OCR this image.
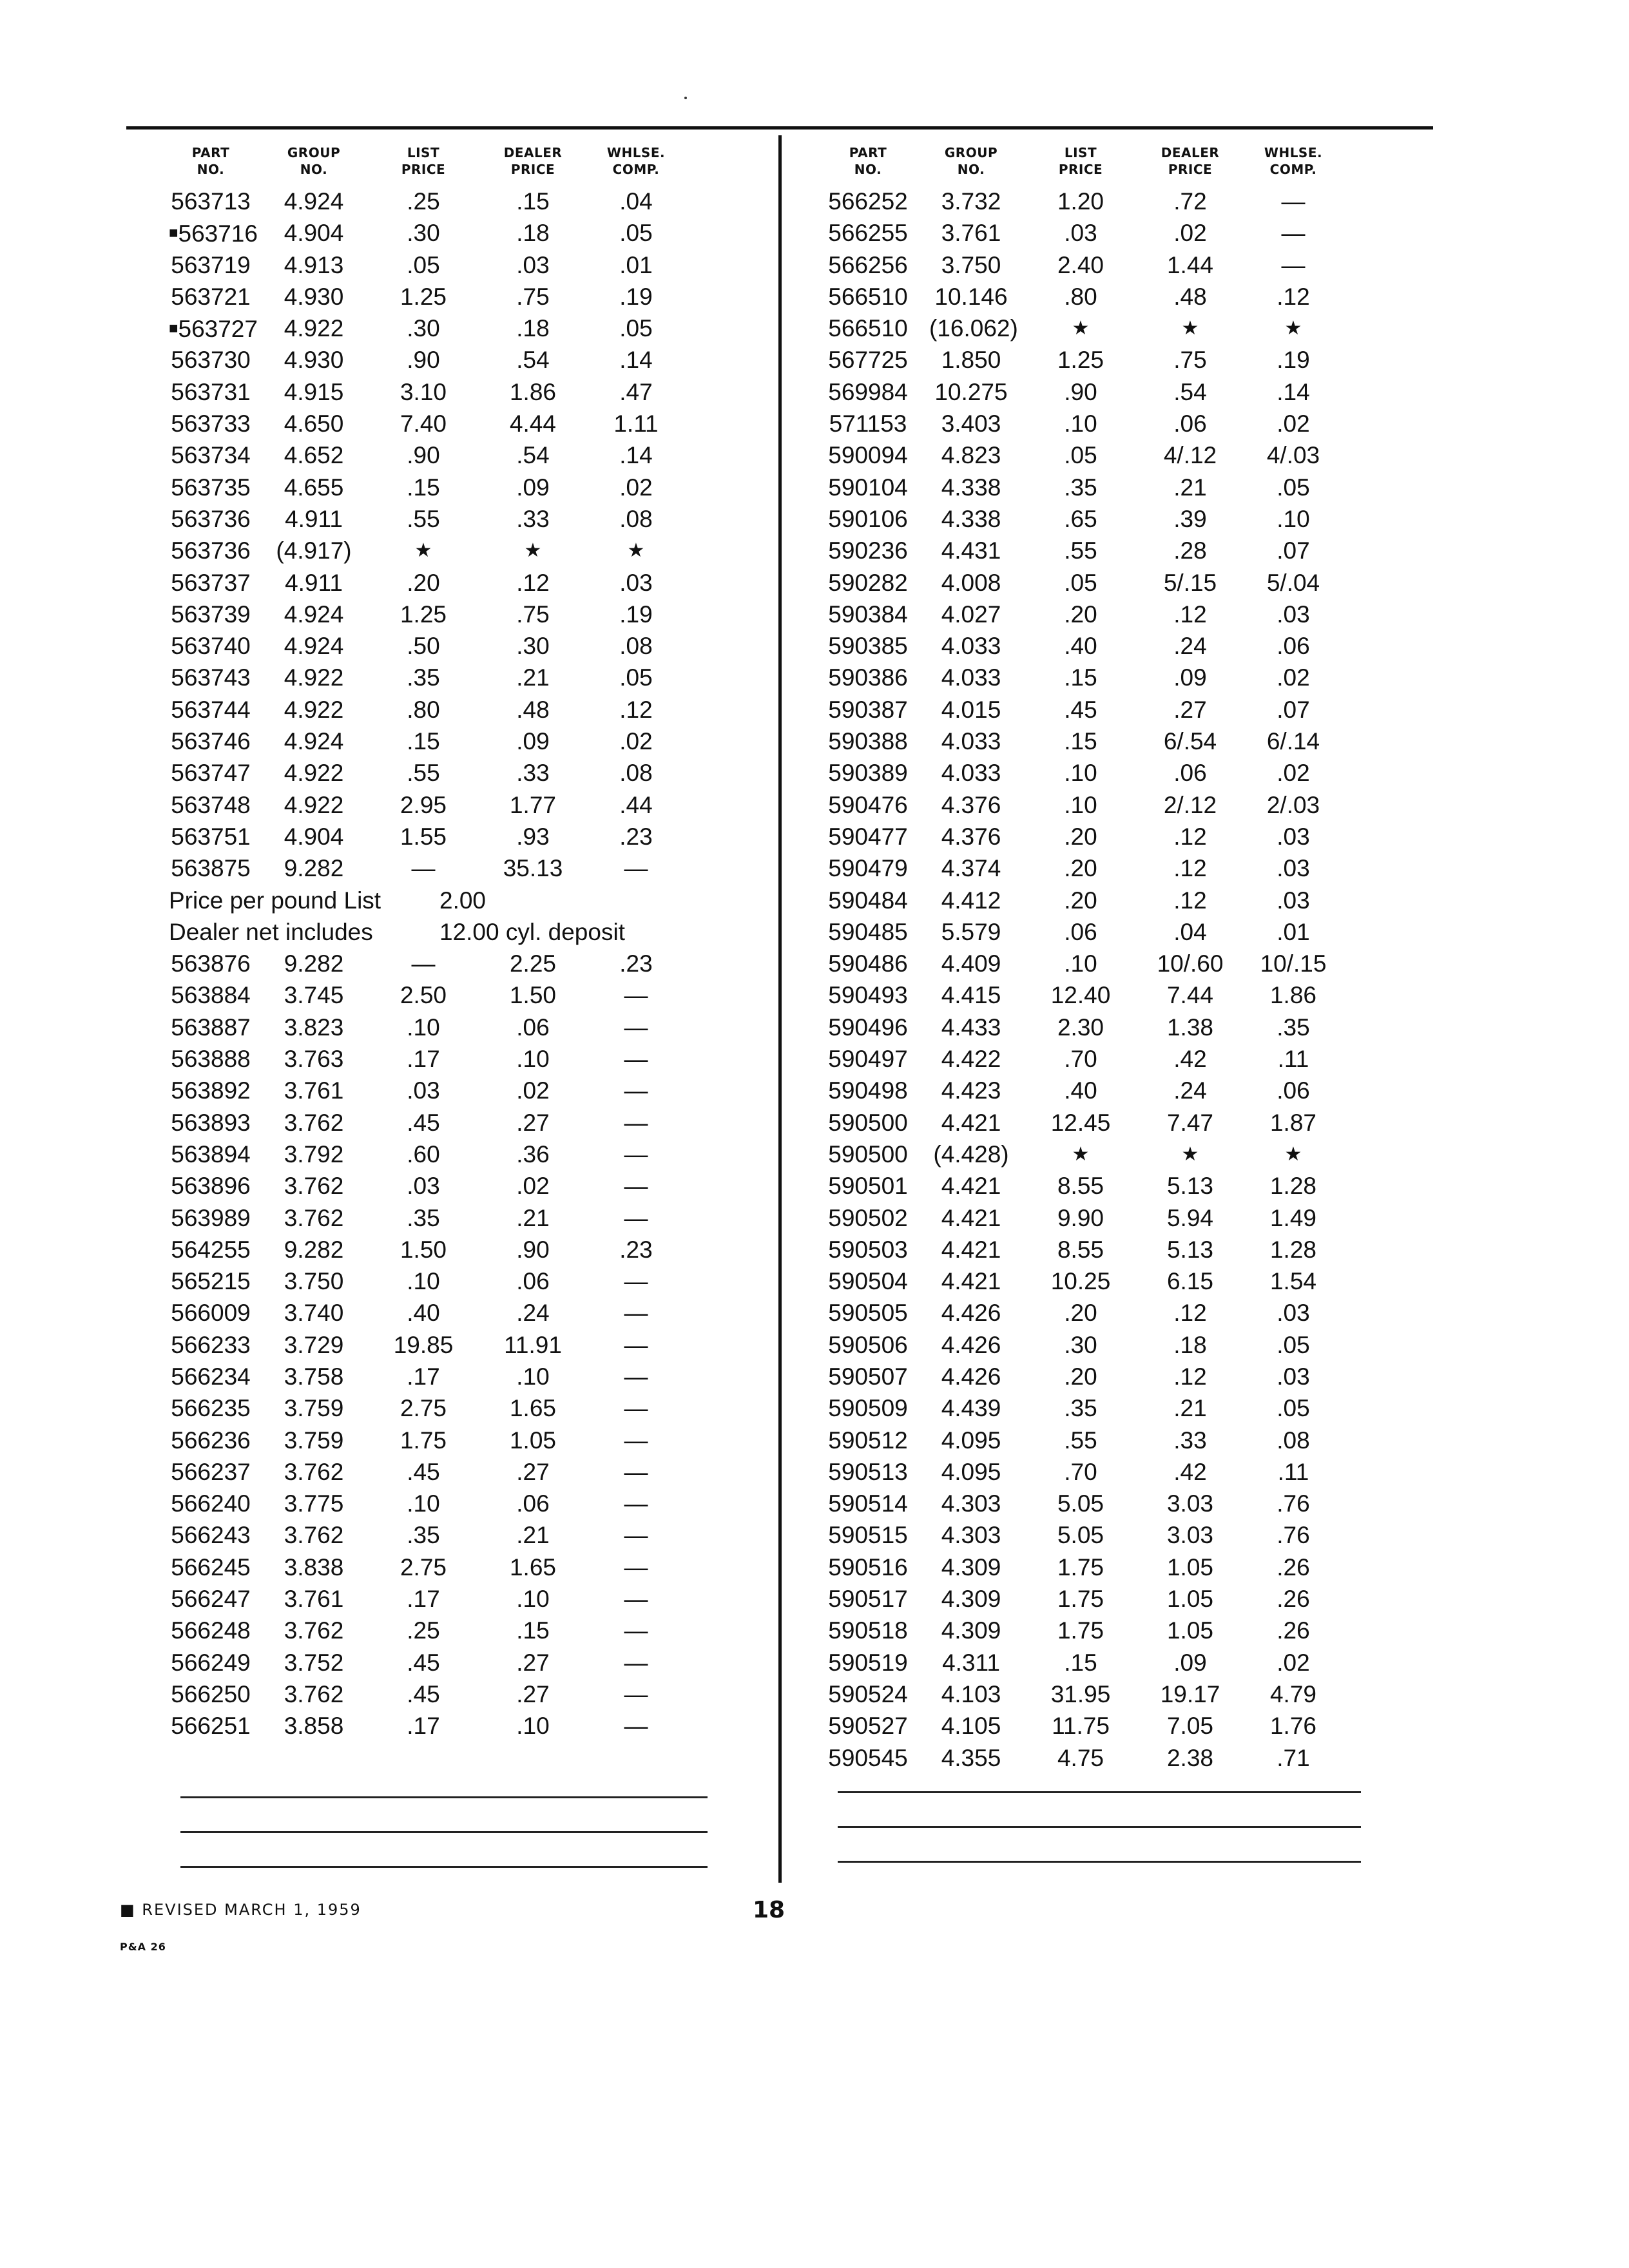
PART
NO.
GROUP
NO.
LIST
PRICE
DEALER
PRICE
WHLSE.
COMP.
563713	4.924	.25	.15	.04
■563716	4.904	.30	.18	.05
563719	4.913	.05	.03	.01
563721	4.930	1.25	.75	.19
■563727	4.922	.30	.18	.05
563730	4.930	.90	.54	.14
563731	4.915	3.10	1.86	.47
563733	4.650	7.40	4.44	1.11
563734	4.652	.90	.54	.14
563735	4.655	.15	.09	.02
563736	4.911	.55	.33	.08
563736 (4.917)	★	★	★
563737	4.911	.20	.12	.03
563739	4.924	1.25	.75	.19
563740	4.924	.50	.30	.08
563743	4.922	.35	.21	.05
563744	4.922	.80	.48	.12
563746	4.924	.15	.09	.02
563747	4.922	.55	.33	.08
563748	4.922	2.95	1.77	.44
563751	4.904	1.55	.93	.23
563875	9.282	—	35.13	—
Price per pound List	2.00
Dealer net includes	12.00 cyl. deposit
563876	9.282	—	2.25	.23
563884	3.745	2.50	1.50	—
563887	3.823	.10	.06	—
563888	3.763	.17	.10	—
563892	3.761	.03	.02	—
563893	3.762	.45	.27	—
563894	3.792	.60	.36	—
563896	3.762	.03	.02	—
563989	3.762	.35	.21	—
564255	9.282	1.50	.90	.23
565215	3.750	.10	.06	—
566009	3.740	.40	.24	—
566233	3.729	19.85	11.91	—
566234	3.758	.17	.10	—
566235	3.759	2.75	1.65	—
566236	3.759	1.75	1.05	—
566237	3.762	.45	.27	—
566240	3.775	.10	.06	—
566243	3.762	.35	.21	—
566245	3.838	2.75	1.65	—
566247	3.761	.17	.10	—
566248	3.762	.25	.15	—
566249	3.752	.45	.27	—
566250	3.762	.45	.27	—
566251	3.858	.17	.10	—
PART
NO.
GROUP
NO.
LIST
PRICE
DEALER
PRICE
WHLSE.
COMP.
566252	3.732	1.20	.72	—
566255	3.761	.03	.02	—
566256	3.750	2.40	1.44	—
566510 10.146	.80	.48	.12
566510 (16.062)	★	★	★
567725	1.850	1.25	.75	.19
569984 10.275	.90	.54	.14
571153	3.403	.10	.06	.02
590094	4.823	.05	4/.12	4/.03
590104	4.338	.35	.21	.05
590106	4.338	.65	.39	.10
590236	4.431	.55	.28	.07
590282	4.008	.05	5/.15	5/.04
590384	4.027	.20	.12	.03
590385	4.033	.40	.24	.06
590386	4.033	.15	.09	.02
590387	4.015	.45	.27	.07
590388	4.033	.15	6/.54	6/.14
590389	4.033	.10	.06	.02
590476	4.376	.10	2/.12	2/.03
590477	4.376	.20	.12	.03
590479	4.374	.20	.12	.03
590484	4.412	.20	.12	.03
590485	5.579	.06	.04	.01
590486	4.409	.10	10/.60	10/.15
590493	4.415	12.40	7.44	1.86
590496	4.433	2.30	1.38	.35
590497	4.422	.70	.42	.11
590498	4.423	.40	.24	.06
590500	4.421	12.45	7.47	1.87
590500 (4.428)	★	★	★
590501	4.421	8.55	5.13	1.28
590502	4.421	9.90	5.94	1.49
590503	4.421	8.55	5.13	1.28
590504	4.421	10.25	6.15	1.54
590505	4.426	.20	.12	.03
590506	4.426	.30	.18	.05
590507	4.426	.20	.12	.03
590509	4.439	.35	.21	.05
590512	4.095	.55	.33	.08
590513	4.095	.70	.42	.11
590514	4.303	5.05	3.03	.76
590515	4.303	5.05	3.03	.76
590516	4.309	1.75	1.05	.26
590517	4.309	1.75	1.05	.26
590518	4.309	1.75	1.05	.26
590519	4.311	.15	.09	.02
590524	4.103	31.95	19.17	4.79
590527	4.105	11.75	7.05	1.76
590545	4.355	4.75	2.38	.71
■ REVISED MARCH 1, 1959
P&A 26
18
